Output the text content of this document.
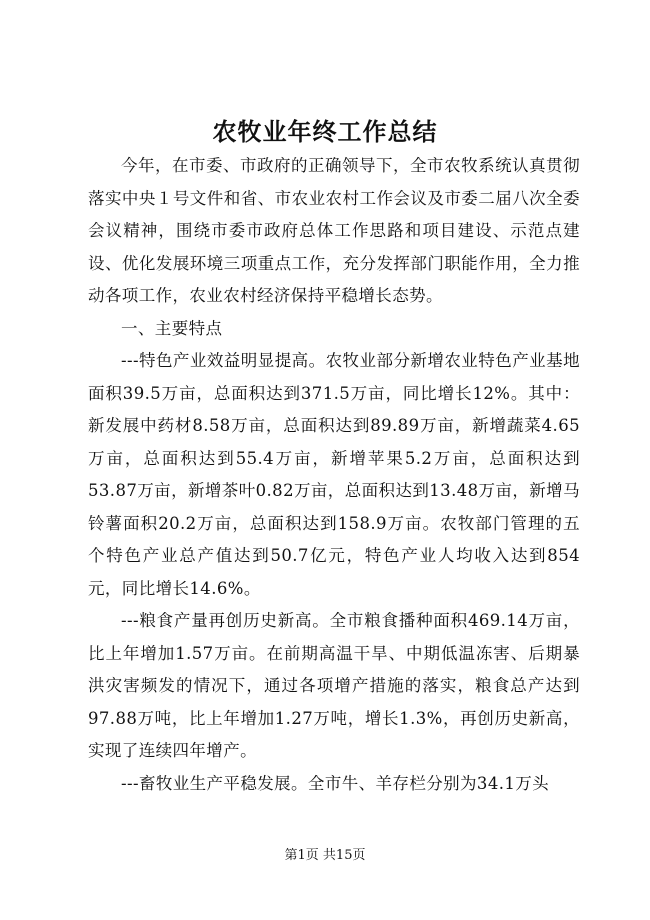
农牧业年终工作总结

今年，在市委、市政府的正确领导下，全市农牧系统认真贯彻落实中央１号文件和省、市农业农村工作会议及市委二届八次全委会议精神，围绕市委市政府总体工作思路和项目建设、示范点建设、优化发展环境三项重点工作，充分发挥部门职能作用，全力推动各项工作，农业农村经济保持平稳增长态势。

一、主要特点

---特色产业效益明显提高。农牧业部分新增农业特色产业基地面积39.5万亩，总面积达到371.5万亩，同比增长12%。其中：新发展中药材8.58万亩，总面积达到89.89万亩，新增蔬菜4.65万亩，总面积达到55.4万亩，新增苹果5.2万亩，总面积达到53.87万亩，新增茶叶0.82万亩，总面积达到13.48万亩，新增马铃薯面积20.2万亩，总面积达到158.9万亩。农牧部门管理的五个特色产业总产值达到50.7亿元，特色产业人均收入达到854元，同比增长14.6%。

---粮食产量再创历史新高。全市粮食播种面积469.14万亩，比上年增加1.57万亩。在前期高温干旱、中期低温冻害、后期暴洪灾害频发的情况下，通过各项增产措施的落实，粮食总产达到97.88万吨，比上年增加1.27万吨，增长1.3%，再创历史新高，实现了连续四年增产。

---畜牧业生产平稳发展。全市牛、羊存栏分别为34.1万头

第1页 共15页
